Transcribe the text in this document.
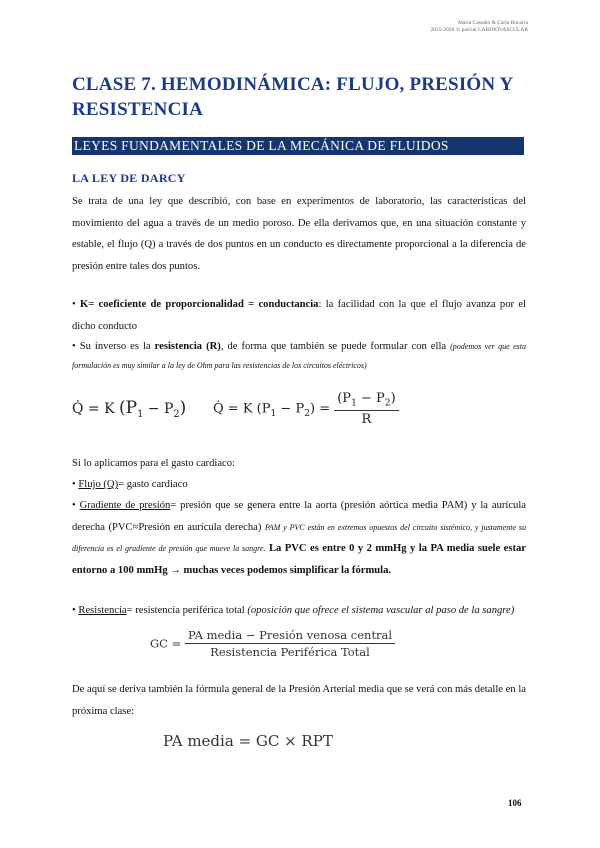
Maria Castaño & Carla Bucarra
2025-2026 1r parcial CARDIOVASCULAR
CLASE 7. HEMODINÁMICA: FLUJO, PRESIÓN Y RESISTENCIA
LEYES FUNDAMENTALES DE LA MECÁNICA DE FLUIDOS
LA LEY DE DARCY
Se trata de una ley que describió, con base en experimentos de laboratorio, las características del movimiento del agua a través de un medio poroso. De ella derivamos que, en una situación constante y estable, el flujo (Q) a través de dos puntos en un conducto es directamente proporcional a la diferencia de presión entre tales dos puntos.
• K= coeficiente de proporcionalidad = conductancia: la facilidad con la que el flujo avanza por el dicho conducto
• Su inverso es la resistencia (R), de forma que también se puede formular con ella (podemos ver que esta formulación es muy similar a la ley de Ohm para las resistencias de los circuitos eléctricos)
Q̇ = K $(P_1 - P_2)$ Q̇ = K $(P_1 - P_2) = \frac{(P_1 - P_2)}{R}$
Si lo aplicamos para el gasto cardiaco:
• Flujo (Q)= gasto cardiaco
• Gradiente de presión= presión que se genera entre la aorta (presión aórtica media PAM) y la aurícula derecha (PVC≈Presión en aurícula derecha) PAM y PVC están en extremos opuestos del circuito sistémico, y justamente su diferencia es el gradiente de presión que mueve la sangre. La PVC es entre 0 y 2 mmHg y la PA media suele estar entorno a 100 mmHg → muchas veces podemos simplificar la fórmula.
• Resistencia= resistencia periférica total (oposición que ofrece el sistema vascular al paso de la sangre)
GC = $\frac{\text{PA media − Presión venosa central}}{\text{Resistencia Periférica Total}}$
De aquí se deriva también la fórmula general de la Presión Arterial media que se verá con más detalle en la próxima clase:
PA media = GC × RPT
106
